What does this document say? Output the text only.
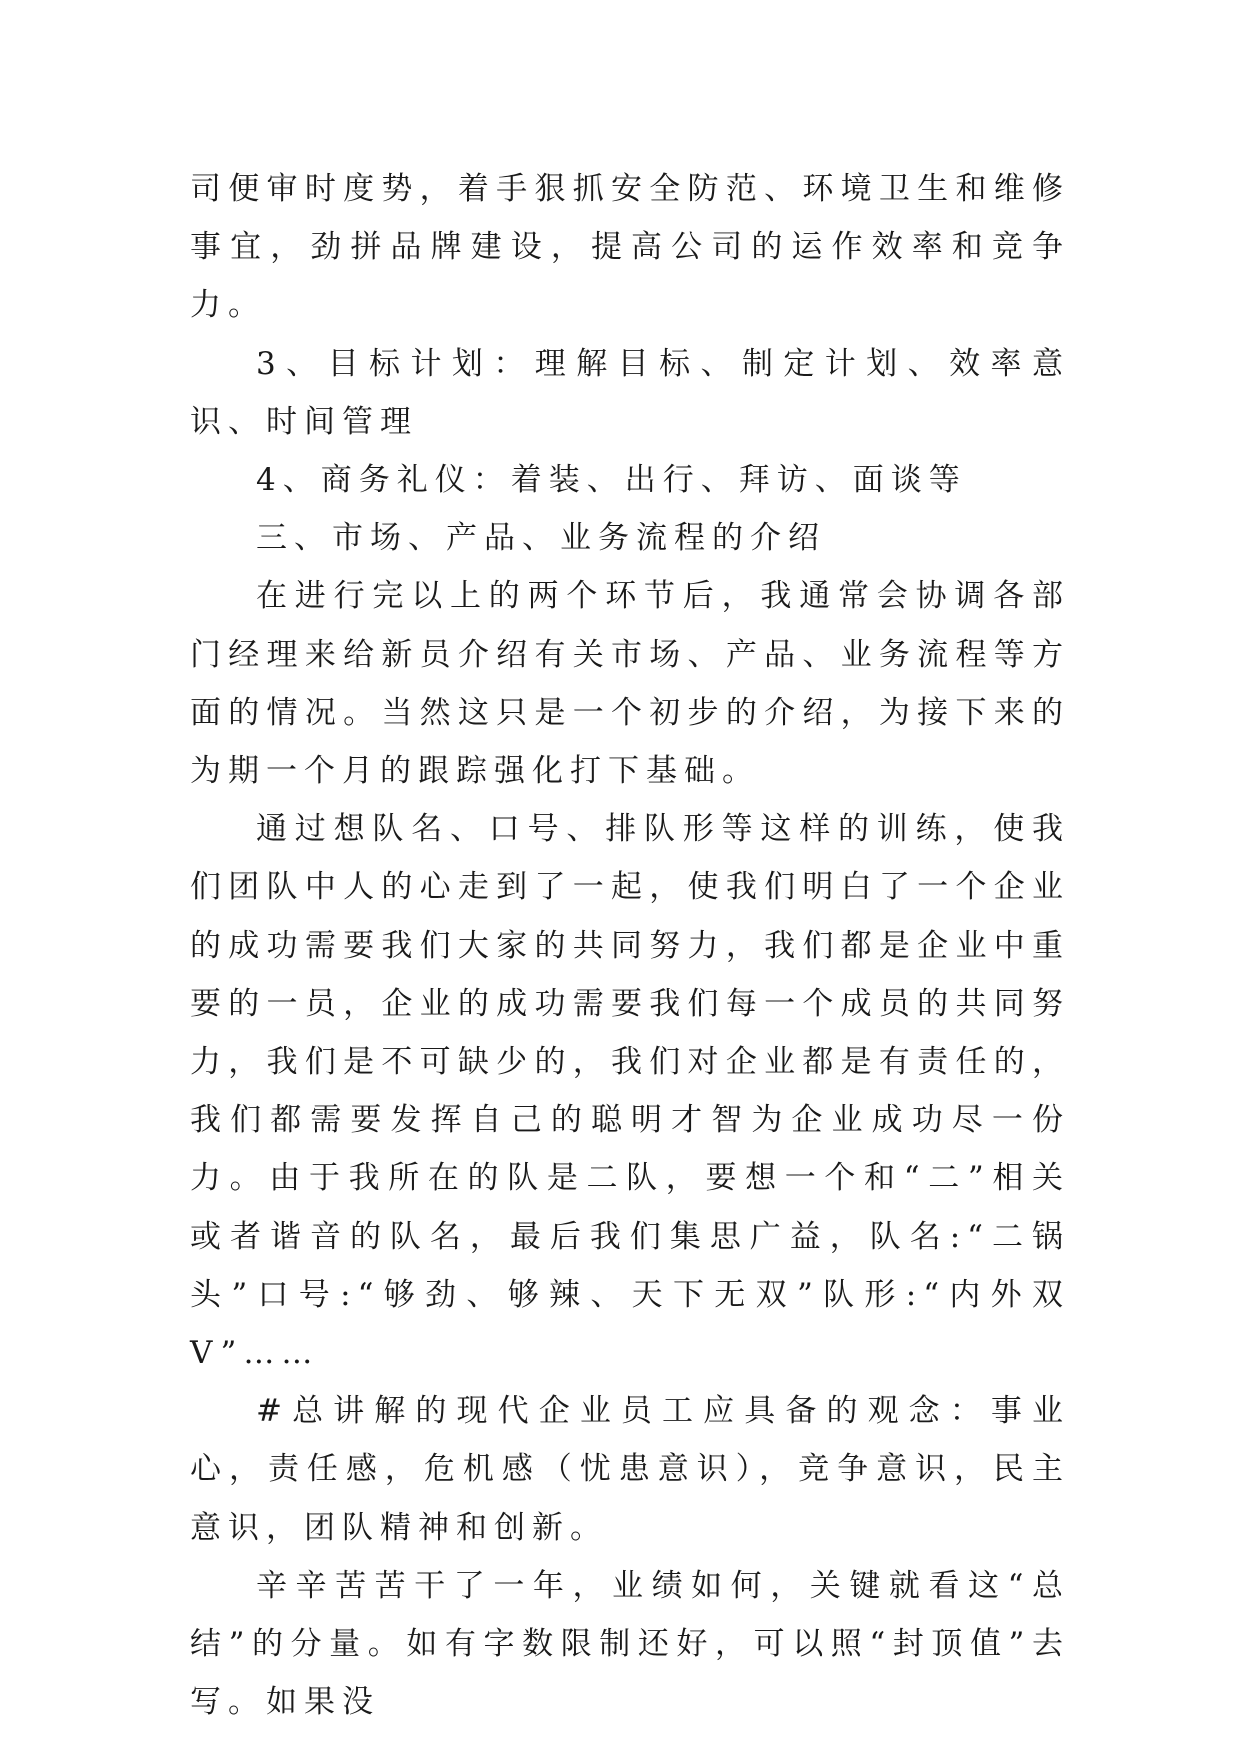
司便审时度势，着手狠抓安全防范、环境卫生和维修事宜，劲拼品牌建设，提高公司的运作效率和竞争力。

3、目标计划：理解目标、制定计划、效率意识、时间管理

4、商务礼仪：着装、出行、拜访、面谈等

三、市场、产品、业务流程的介绍

在进行完以上的两个环节后，我通常会协调各部门经理来给新员介绍有关市场、产品、业务流程等方面的情况。当然这只是一个初步的介绍，为接下来的为期一个月的跟踪强化打下基础。

通过想队名、口号、排队形等这样的训练，使我们团队中人的心走到了一起，使我们明白了一个企业的成功需要我们大家的共同努力，我们都是企业中重要的一员，企业的成功需要我们每一个成员的共同努力，我们是不可缺少的，我们对企业都是有责任的，我们都需要发挥自己的聪明才智为企业成功尽一份力。由于我所在的队是二队，要想一个和“二”相关或者谐音的队名，最后我们集思广益，队名:“二锅头”口号:“够劲、够辣、天下无双”队形:“内外双V”……

#总讲解的现代企业员工应具备的观念：事业心，责任感，危机感（忧患意识），竞争意识，民主意识，团队精神和创新。

辛辛苦苦干了一年，业绩如何，关键就看这“总结”的分量。如有字数限制还好，可以照“封顶值”去写。如果没
